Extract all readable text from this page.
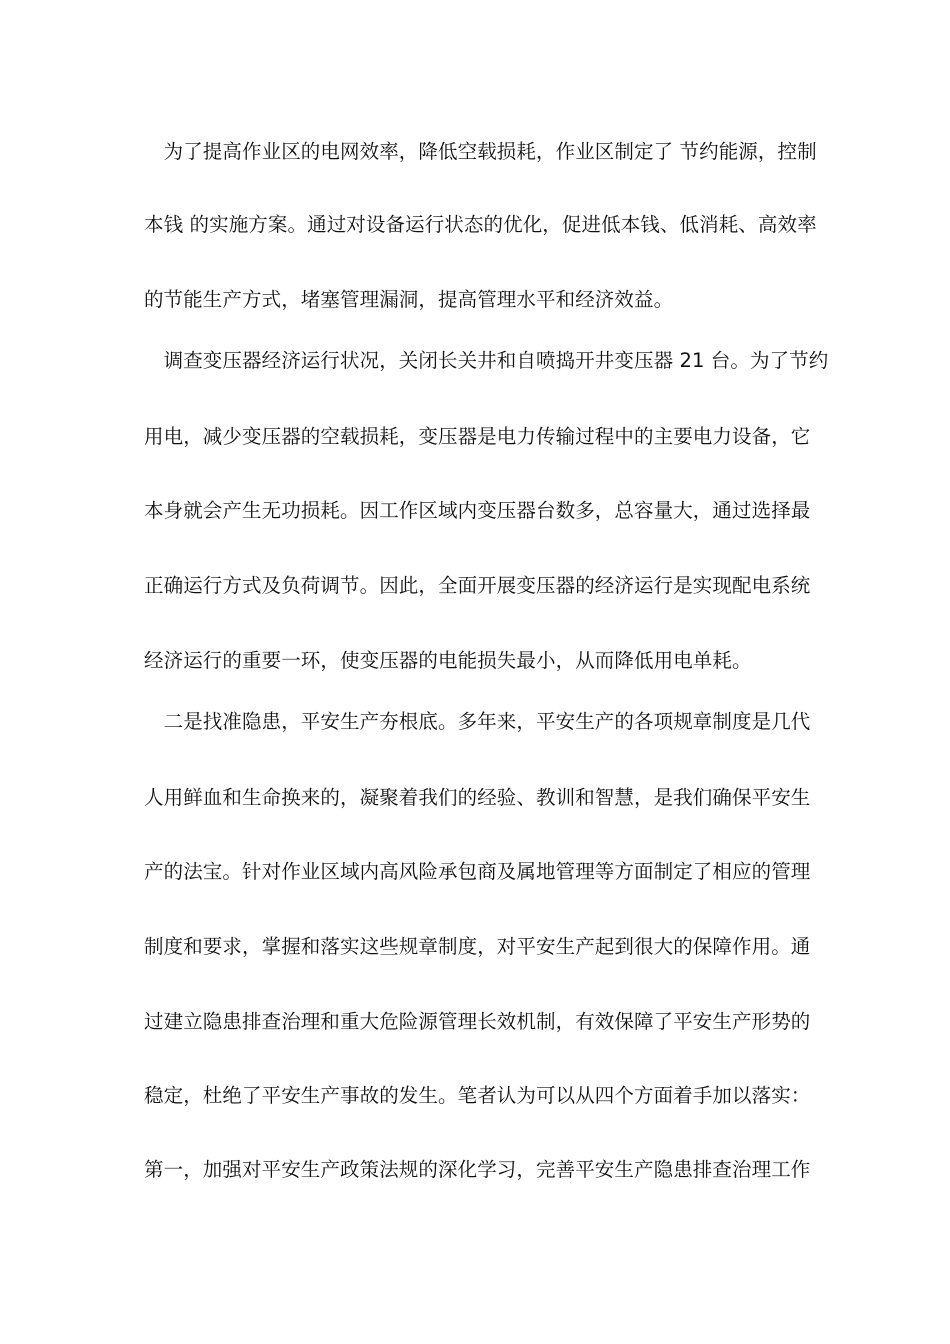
　为了提高作业区的电网效率，降低空载损耗，作业区制定了 节约能源，控制
本钱 的实施方案。通过对设备运行状态的优化，促进低本钱、低消耗、高效率
的节能生产方式，堵塞管理漏洞，提高管理水平和经济效益。
　调查变压器经济运行状况，关闭长关井和自喷捣开井变压器 21 台。为了节约
用电，减少变压器的空载损耗，变压器是电力传输过程中的主要电力设备，它
本身就会产生无功损耗。因工作区域内变压器台数多，总容量大，通过选择最
正确运行方式及负荷调节。因此，全面开展变压器的经济运行是实现配电系统
经济运行的重要一环，使变压器的电能损失最小，从而降低用电单耗。
　二是找准隐患，平安生产夯根底。多年来，平安生产的各项规章制度是几代
人用鲜血和生命换来的，凝聚着我们的经验、教训和智慧，是我们确保平安生
产的法宝。针对作业区域内高风险承包商及属地管理等方面制定了相应的管理
制度和要求，掌握和落实这些规章制度，对平安生产起到很大的保障作用。通
过建立隐患排查治理和重大危险源管理长效机制，有效保障了平安生产形势的
稳定，杜绝了平安生产事故的发生。笔者认为可以从四个方面着手加以落实：
第一，加强对平安生产政策法规的深化学习，完善平安生产隐患排查治理工作
